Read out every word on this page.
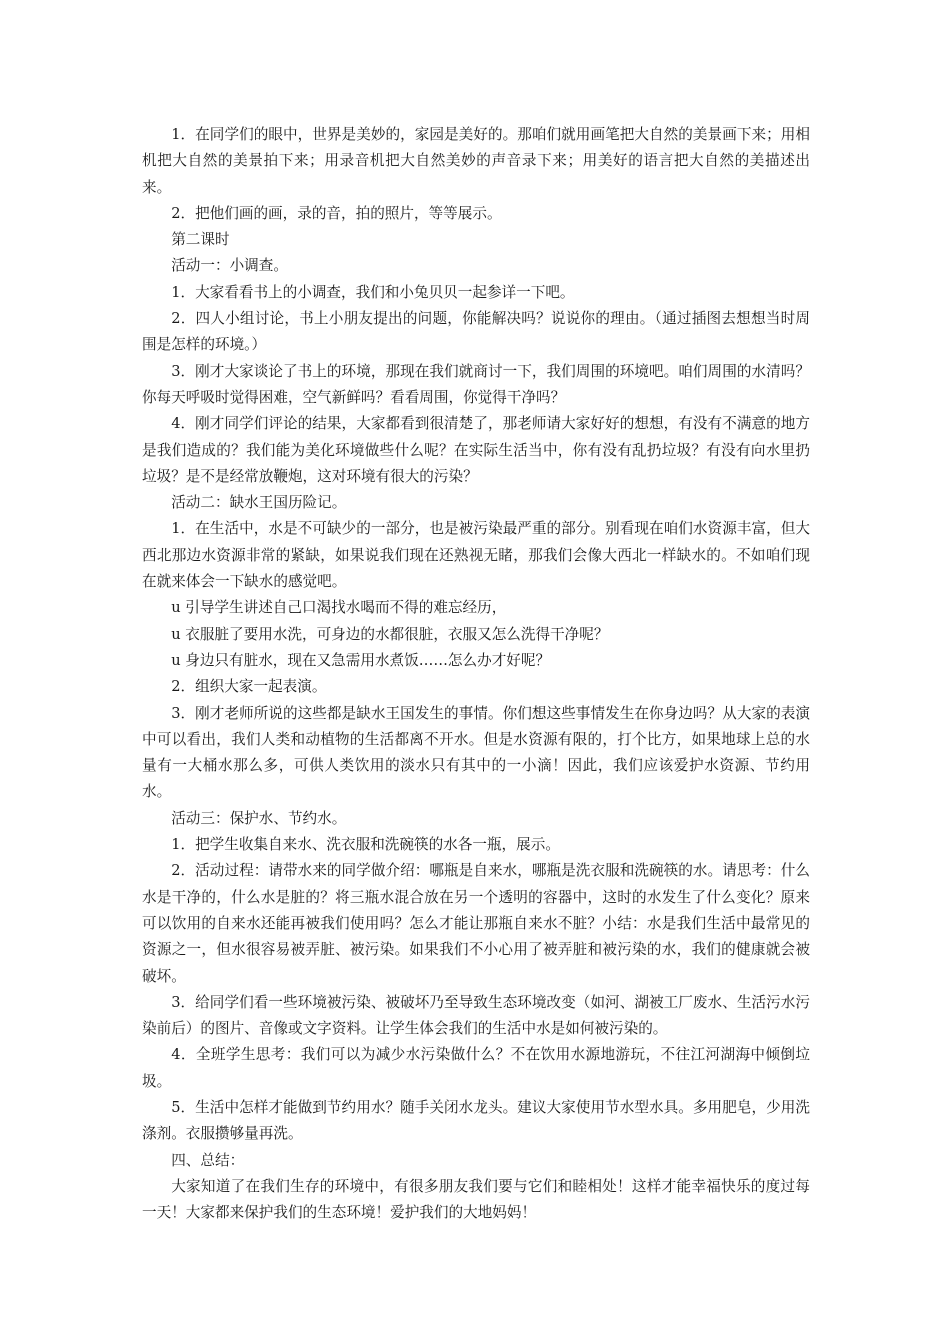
1．在同学们的眼中，世界是美妙的，家园是美好的。那咱们就用画笔把大自然的美景画下来；用相机把大自然的美景拍下来；用录音机把大自然美妙的声音录下来；用美好的语言把大自然的美描述出来。

2．把他们画的画，录的音，拍的照片，等等展示。

第二课时

活动一：小调查。

1．大家看看书上的小调查，我们和小兔贝贝一起参详一下吧。

2．四人小组讨论，书上小朋友提出的问题，你能解决吗？说说你的理由。（通过插图去想想当时周围是怎样的环境。）

3．刚才大家谈论了书上的环境，那现在我们就商讨一下，我们周围的环境吧。咱们周围的水清吗？你每天呼吸时觉得困难，空气新鲜吗？看看周围，你觉得干净吗？

4．刚才同学们评论的结果，大家都看到很清楚了，那老师请大家好好的想想，有没有不满意的地方是我们造成的？我们能为美化环境做些什么呢？在实际生活当中，你有没有乱扔垃圾？有没有向水里扔垃圾？是不是经常放鞭炮，这对环境有很大的污染？

活动二：缺水王国历险记。

1．在生活中，水是不可缺少的一部分，也是被污染最严重的部分。别看现在咱们水资源丰富，但大西北那边水资源非常的紧缺，如果说我们现在还熟视无睹，那我们会像大西北一样缺水的。不如咱们现在就来体会一下缺水的感觉吧。

u 引导学生讲述自己口渴找水喝而不得的难忘经历，

u 衣服脏了要用水洗，可身边的水都很脏，衣服又怎么洗得干净呢？

u 身边只有脏水，现在又急需用水煮饭……怎么办才好呢？

2．组织大家一起表演。

3．刚才老师所说的这些都是缺水王国发生的事情。你们想这些事情发生在你身边吗？从大家的表演中可以看出，我们人类和动植物的生活都离不开水。但是水资源有限的，打个比方，如果地球上总的水量有一大桶水那么多，可供人类饮用的淡水只有其中的一小滴！因此，我们应该爱护水资源、节约用水。

活动三：保护水、节约水。

1．把学生收集自来水、洗衣服和洗碗筷的水各一瓶，展示。

2．活动过程：请带水来的同学做介绍：哪瓶是自来水，哪瓶是洗衣服和洗碗筷的水。请思考：什么水是干净的，什么水是脏的？将三瓶水混合放在另一个透明的容器中，这时的水发生了什么变化？原来可以饮用的自来水还能再被我们使用吗？怎么才能让那瓶自来水不脏？小结：水是我们生活中最常见的资源之一，但水很容易被弄脏、被污染。如果我们不小心用了被弄脏和被污染的水，我们的健康就会被破坏。

3．给同学们看一些环境被污染、被破坏乃至导致生态环境改变（如河、湖被工厂废水、生活污水污染前后）的图片、音像或文字资料。让学生体会我们的生活中水是如何被污染的。

4．全班学生思考：我们可以为减少水污染做什么？不在饮用水源地游玩，不往江河湖海中倾倒垃圾。

5．生活中怎样才能做到节约用水？随手关闭水龙头。建议大家使用节水型水具。多用肥皂，少用洗涤剂。衣服攒够量再洗。

四、总结：

大家知道了在我们生存的环境中，有很多朋友我们要与它们和睦相处！这样才能幸福快乐的度过每一天！大家都来保护我们的生态环境！爱护我们的大地妈妈！
